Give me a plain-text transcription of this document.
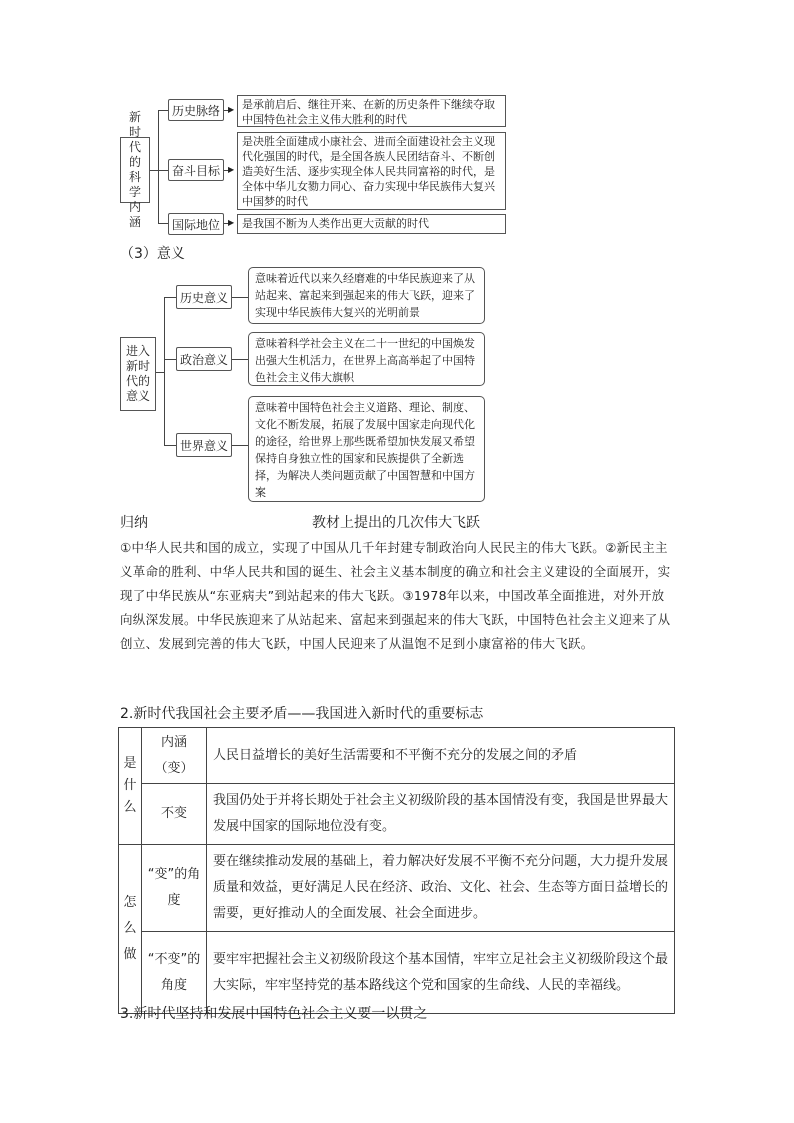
新时代的科学内涵
历史脉络
奋斗目标
国际地位
▶
▶
▶
是承前启后、继往开来、在新的历史条件下继续夺取中国特色社会主义伟大胜利的时代
是决胜全面建成小康社会、进而全面建设社会主义现代化强国的时代，是全国各族人民团结奋斗、不断创造美好生活、逐步实现全体人民共同富裕的时代，是全体中华儿女勠力同心、奋力实现中华民族伟大复兴中国梦的时代
是我国不断为人类作出更大贡献的时代
（3）意义
进入新时代的意义
历史意义
政治意义
世界意义
意味着近代以来久经磨难的中华民族迎来了从站起来、富起来到强起来的伟大飞跃，迎来了实现中华民族伟大复兴的光明前景
意味着科学社会主义在二十一世纪的中国焕发出强大生机活力，在世界上高高举起了中国特色社会主义伟大旗帜
意味着中国特色社会主义道路、理论、制度、文化不断发展，拓展了发展中国家走向现代化的途径，给世界上那些既希望加快发展又希望保持自身独立性的国家和民族提供了全新选择，为解决人类问题贡献了中国智慧和中国方案
归纳	教材上提出的几次伟大飞跃
①中华人民共和国的成立，实现了中国从几千年封建专制政治向人民民主的伟大飞跃。②新民主主义革命的胜利、中华人民共和国的诞生、社会主义基本制度的确立和社会主义建设的全面展开，实现了中华民族从“东亚病夫”到站起来的伟大飞跃。③1978年以来，中国改革全面推进，对外开放向纵深发展。中华民族迎来了从站起来、富起来到强起来的伟大飞跃，中国特色社会主义迎来了从创立、发展到完善的伟大飞跃，中国人民迎来了从温饱不足到小康富裕的伟大飞跃。
2.新时代我国社会主要矛盾——我国进入新时代的重要标志
是什么	内涵（变）	人民日益增长的美好生活需要和不平衡不充分的发展之间的矛盾
	不变	我国仍处于并将长期处于社会主义初级阶段的基本国情没有变，我国是世界最大发展中国家的国际地位没有变。

怎么做	“变”的角度	要在继续推动发展的基础上，着力解决好发展不平衡不充分问题，大力提升发展质量和效益，更好满足人民在经济、政治、文化、社会、生态等方面日益增长的需要，更好推动人的全面发展、社会全面进步。

	“不变”的角度	要牢牢把握社会主义初级阶段这个基本国情，牢牢立足社会主义初级阶段这个最大实际，牢牢坚持党的基本路线这个党和国家的生命线、人民的幸福线。
3.新时代坚持和发展中国特色社会主义要一以贯之
